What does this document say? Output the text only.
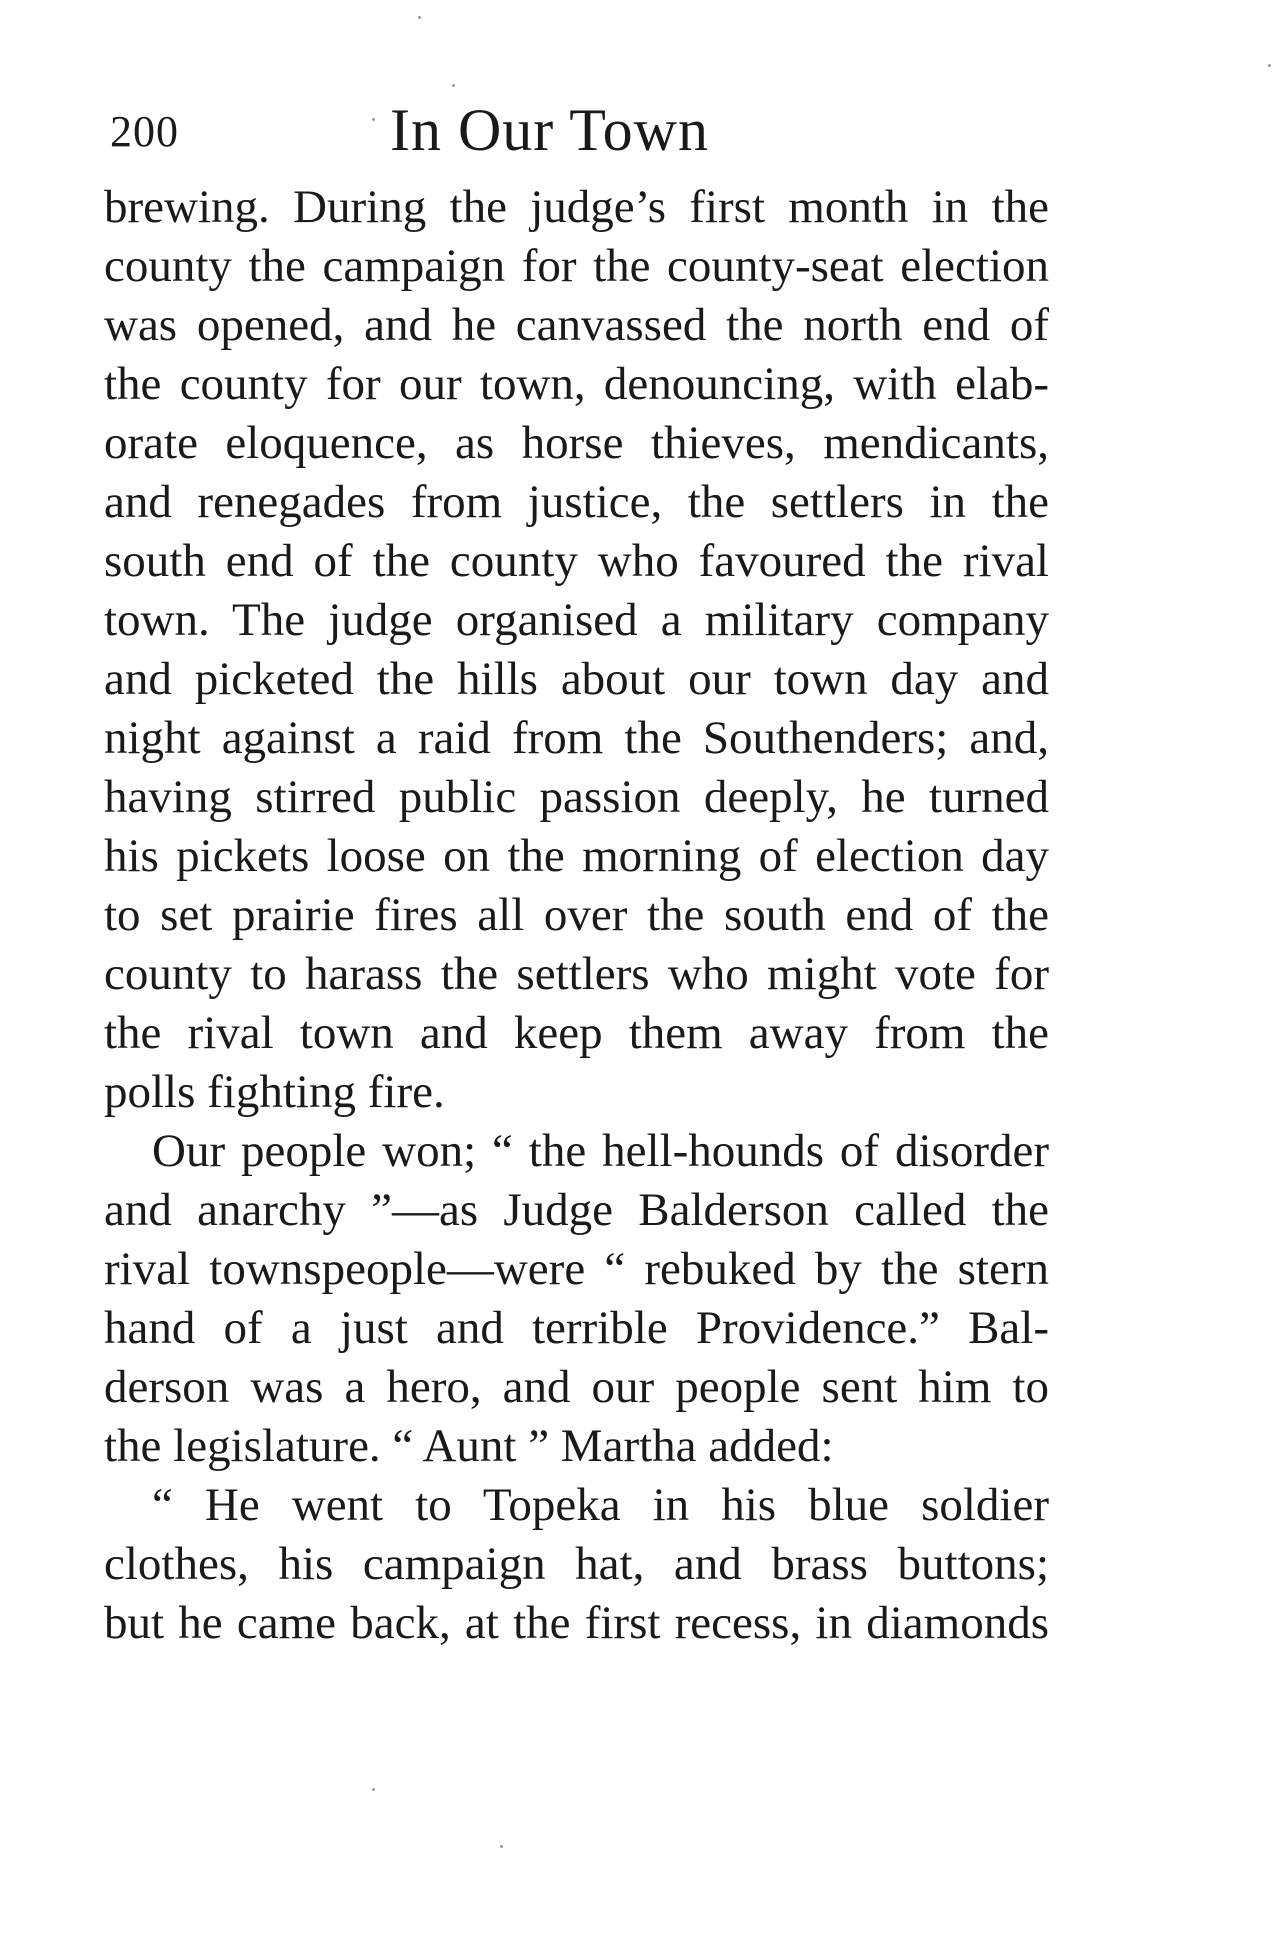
200	In Our Town
brewing. During the judge’s first month in the
county the campaign for the county-seat election
was opened, and he canvassed the north end of
the county for our town, denouncing, with elab-
orate eloquence, as horse thieves, mendicants,
and renegades from justice, the settlers in the
south end of the county who favoured the rival
town. The judge organised a military company
and picketed the hills about our town day and
night against a raid from the Southenders; and,
having stirred public passion deeply, he turned
his pickets loose on the morning of election day
to set prairie fires all over the south end of the
county to harass the settlers who might vote for
the rival town and keep them away from the
polls fighting fire.
Our people won; “ the hell-hounds of disorder
and anarchy ”—as Judge Balderson called the
rival townspeople—were “ rebuked by the stern
hand of a just and terrible Providence.” Bal-
derson was a hero, and our people sent him to
the legislature. “ Aunt ” Martha added:
“ He went to Topeka in his blue soldier
clothes, his campaign hat, and brass buttons;
but he came back, at the first recess, in diamonds
